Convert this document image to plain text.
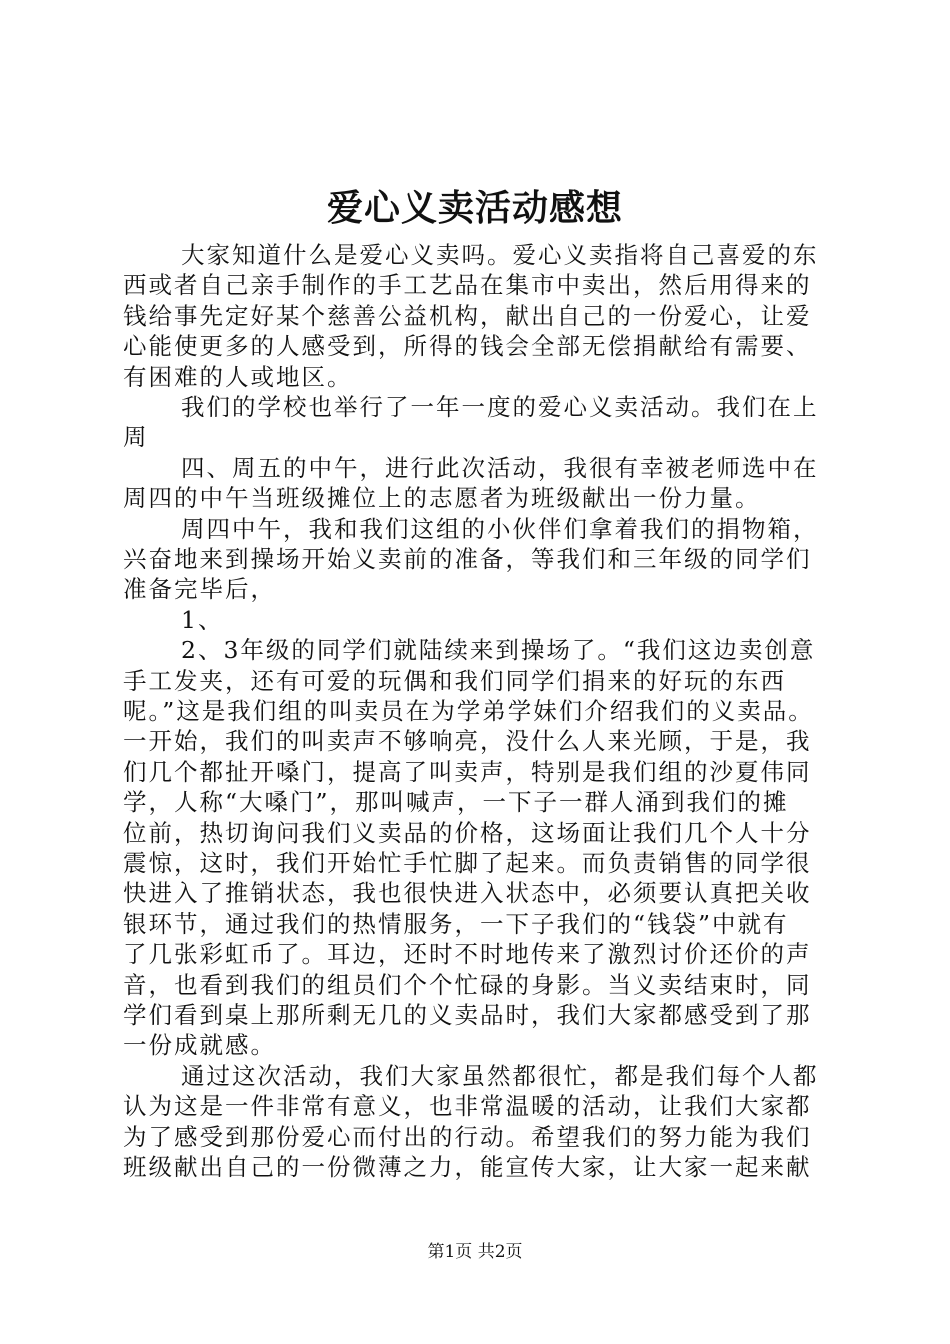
爱心义卖活动感想
大家知道什么是爱心义卖吗。爱心义卖指将自己喜爱的东
西或者自己亲手制作的手工艺品在集市中卖出，然后用得来的
钱给事先定好某个慈善公益机构，献出自己的一份爱心，让爱
心能使更多的人感受到，所得的钱会全部无偿捐献给有需要、
有困难的人或地区。
我们的学校也举行了一年一度的爱心义卖活动。我们在上
周
四、周五的中午，进行此次活动，我很有幸被老师选中在
周四的中午当班级摊位上的志愿者为班级献出一份力量。
周四中午，我和我们这组的小伙伴们拿着我们的捐物箱，
兴奋地来到操场开始义卖前的准备，等我们和三年级的同学们
准备完毕后，
1、
2、3年级的同学们就陆续来到操场了。“我们这边卖创意
手工发夹，还有可爱的玩偶和我们同学们捐来的好玩的东西
呢。”这是我们组的叫卖员在为学弟学妹们介绍我们的义卖品。
一开始，我们的叫卖声不够响亮，没什么人来光顾，于是，我
们几个都扯开嗓门，提高了叫卖声，特别是我们组的沙夏伟同
学，人称“大嗓门”，那叫喊声，一下子一群人涌到我们的摊
位前，热切询问我们义卖品的价格，这场面让我们几个人十分
震惊，这时，我们开始忙手忙脚了起来。而负责销售的同学很
快进入了推销状态，我也很快进入状态中，必须要认真把关收
银环节，通过我们的热情服务，一下子我们的“钱袋”中就有
了几张彩虹币了。耳边，还时不时地传来了激烈讨价还价的声
音，也看到我们的组员们个个忙碌的身影。当义卖结束时，同
学们看到桌上那所剩无几的义卖品时，我们大家都感受到了那
一份成就感。
通过这次活动，我们大家虽然都很忙，都是我们每个人都
认为这是一件非常有意义，也非常温暖的活动，让我们大家都
为了感受到那份爱心而付出的行动。希望我们的努力能为我们
班级献出自己的一份微薄之力，能宣传大家，让大家一起来献
第1页 共2页
